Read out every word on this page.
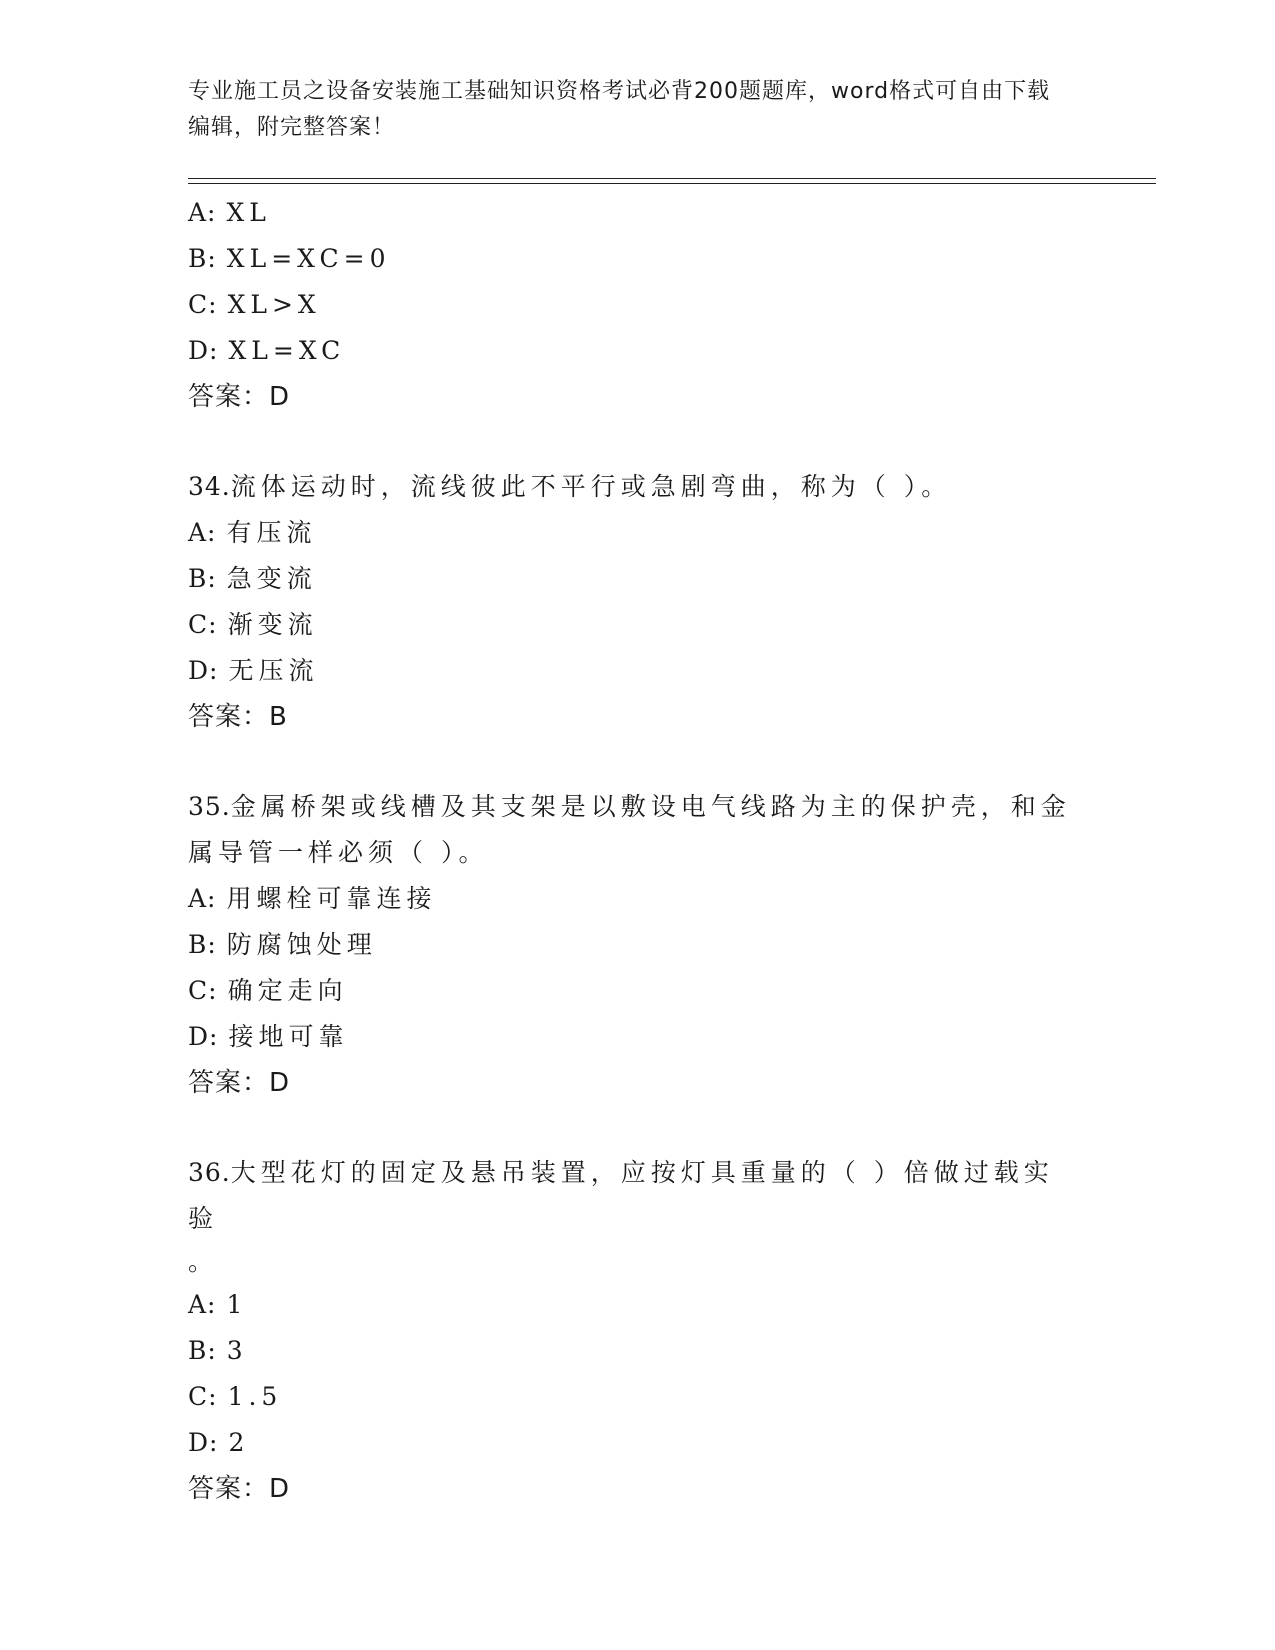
专业施工员之设备安装施工基础知识资格考试必背200题题库，word格式可自由下载编辑，附完整答案！
A: XL
B: XL=XC=0
C: XL>X
D: XL=XC
答案：D
34.流体运动时，流线彼此不平行或急剧弯曲，称为（ ）。
A: 有压流
B: 急变流
C: 渐变流
D: 无压流
答案：B
35.金属桥架或线槽及其支架是以敷设电气线路为主的保护壳，和金属导管一样必须（ ）。
A: 用螺栓可靠连接
B: 防腐蚀处理
C: 确定走向
D: 接地可靠
答案：D
36.大型花灯的固定及悬吊装置，应按灯具重量的（ ）倍做过载实验
。
A: 1
B: 3
C: 1.5
D: 2
答案：D
